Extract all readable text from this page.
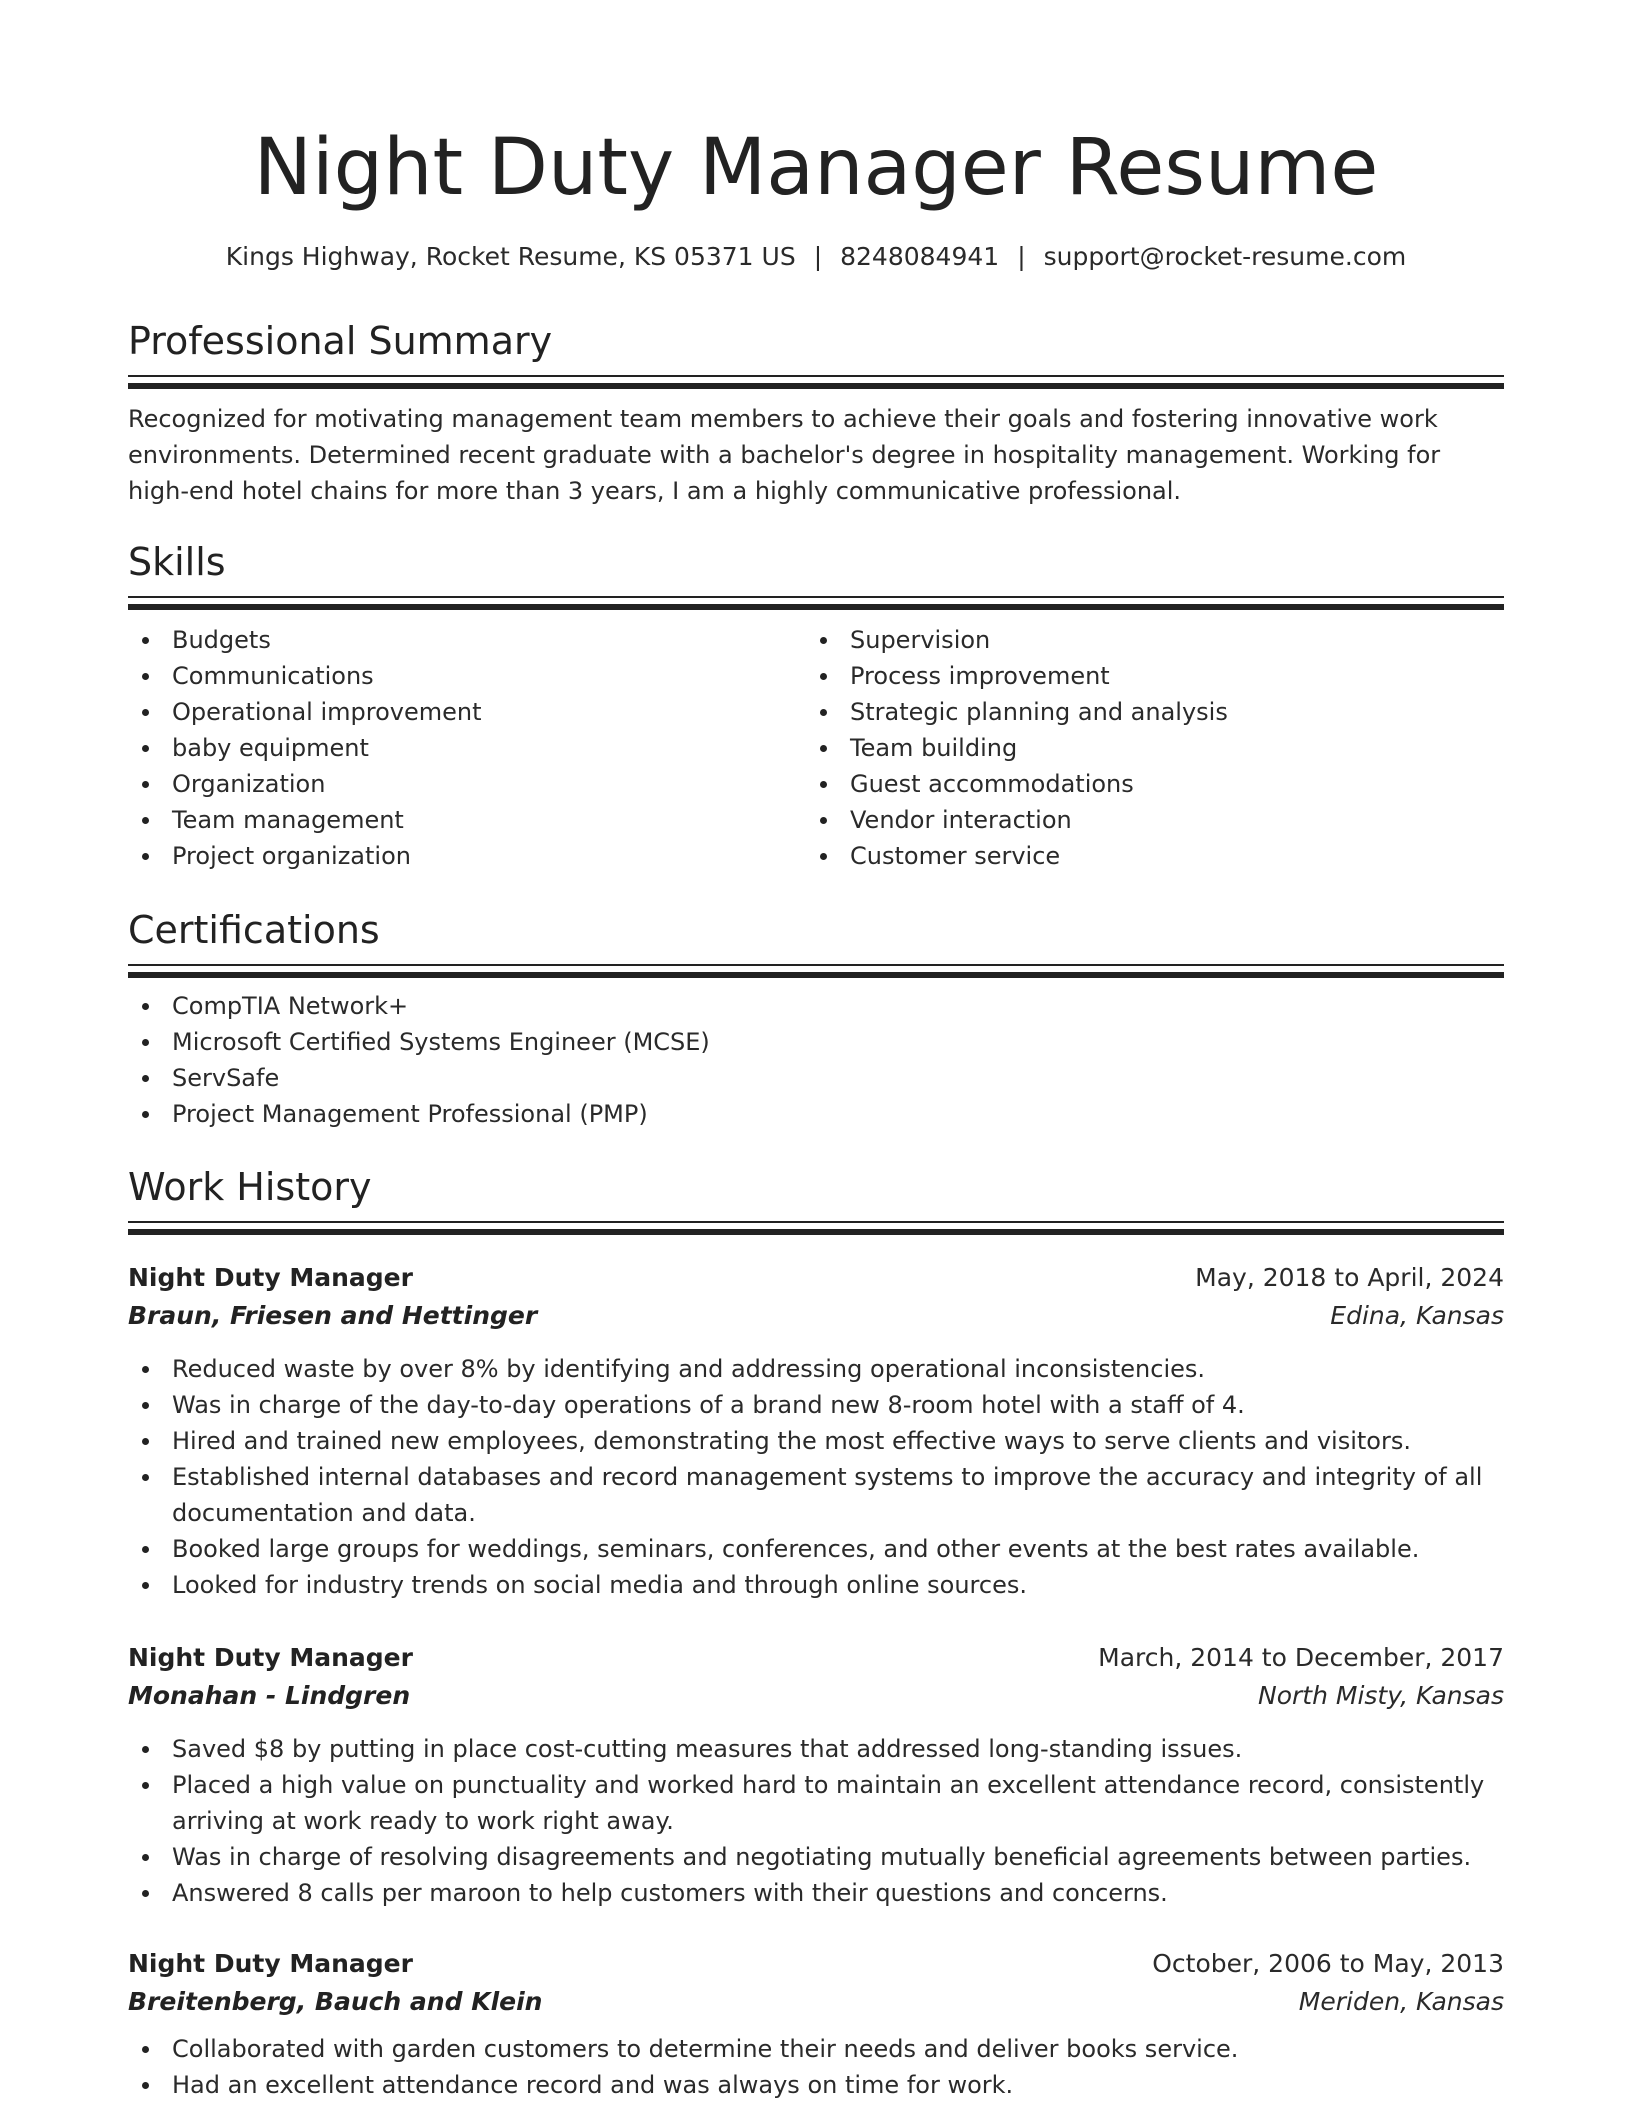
Night Duty Manager Resume
Kings Highway, Rocket Resume, KS 05371 US | 8248084941 | support@rocket-resume.com
Professional Summary
Recognized for motivating management team members to achieve their goals and fostering innovative work environments. Determined recent graduate with a bachelor's degree in hospitality management. Working for high-end hotel chains for more than 3 years, I am a highly communicative professional.
Skills
Budgets
Communications
Operational improvement
baby equipment
Organization
Team management
Project organization
Supervision
Process improvement
Strategic planning and analysis
Team building
Guest accommodations
Vendor interaction
Customer service
Certifications
CompTIA Network+
Microsoft Certified Systems Engineer (MCSE)
ServSafe
Project Management Professional (PMP)
Work History
Night Duty Manager	May, 2018 to April, 2024
Braun, Friesen and Hettinger	Edina, Kansas
Reduced waste by over 8% by identifying and addressing operational inconsistencies.
Was in charge of the day-to-day operations of a brand new 8-room hotel with a staff of 4.
Hired and trained new employees, demonstrating the most effective ways to serve clients and visitors.
Established internal databases and record management systems to improve the accuracy and integrity of all documentation and data.
Booked large groups for weddings, seminars, conferences, and other events at the best rates available.
Looked for industry trends on social media and through online sources.
Night Duty Manager	March, 2014 to December, 2017
Monahan - Lindgren	North Misty, Kansas
Saved $8 by putting in place cost-cutting measures that addressed long-standing issues.
Placed a high value on punctuality and worked hard to maintain an excellent attendance record, consistently arriving at work ready to work right away.
Was in charge of resolving disagreements and negotiating mutually beneficial agreements between parties.
Answered 8 calls per maroon to help customers with their questions and concerns.
Night Duty Manager	October, 2006 to May, 2013
Breitenberg, Bauch and Klein	Meriden, Kansas
Collaborated with garden customers to determine their needs and deliver books service.
Had an excellent attendance record and was always on time for work.
